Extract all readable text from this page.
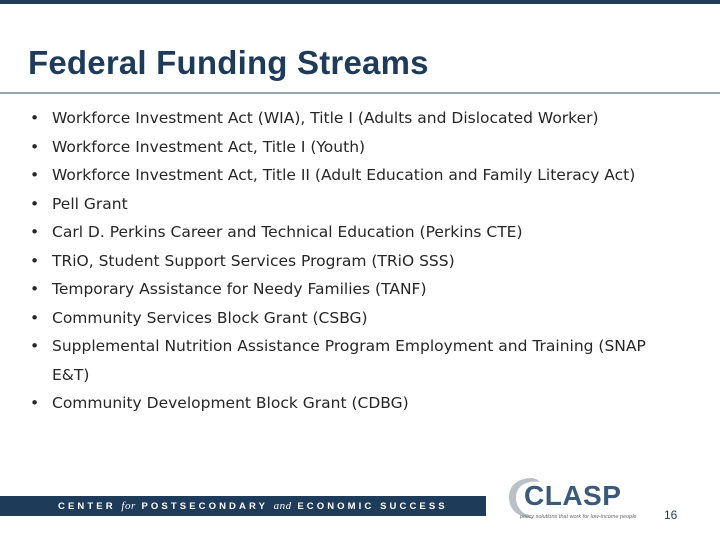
Federal Funding Streams
• Workforce Investment Act (WIA), Title I (Adults and Dislocated Worker)
• Workforce Investment Act, Title I (Youth)
• Workforce Investment Act, Title II (Adult Education and Family Literacy Act)
• Pell Grant
• Carl D. Perkins Career and Technical Education (Perkins CTE)
• TRiO, Student Support Services Program (TRiO SSS)
• Temporary Assistance for Needy Families (TANF)
• Community Services Block Grant (CSBG)
• Supplemental Nutrition Assistance Program Employment and Training (SNAP E&T)
• Community Development Block Grant (CDBG)
CENTER for POSTSECONDARY and ECONOMIC SUCCESS	CLASP
policy solutions that work for low-income people 16
